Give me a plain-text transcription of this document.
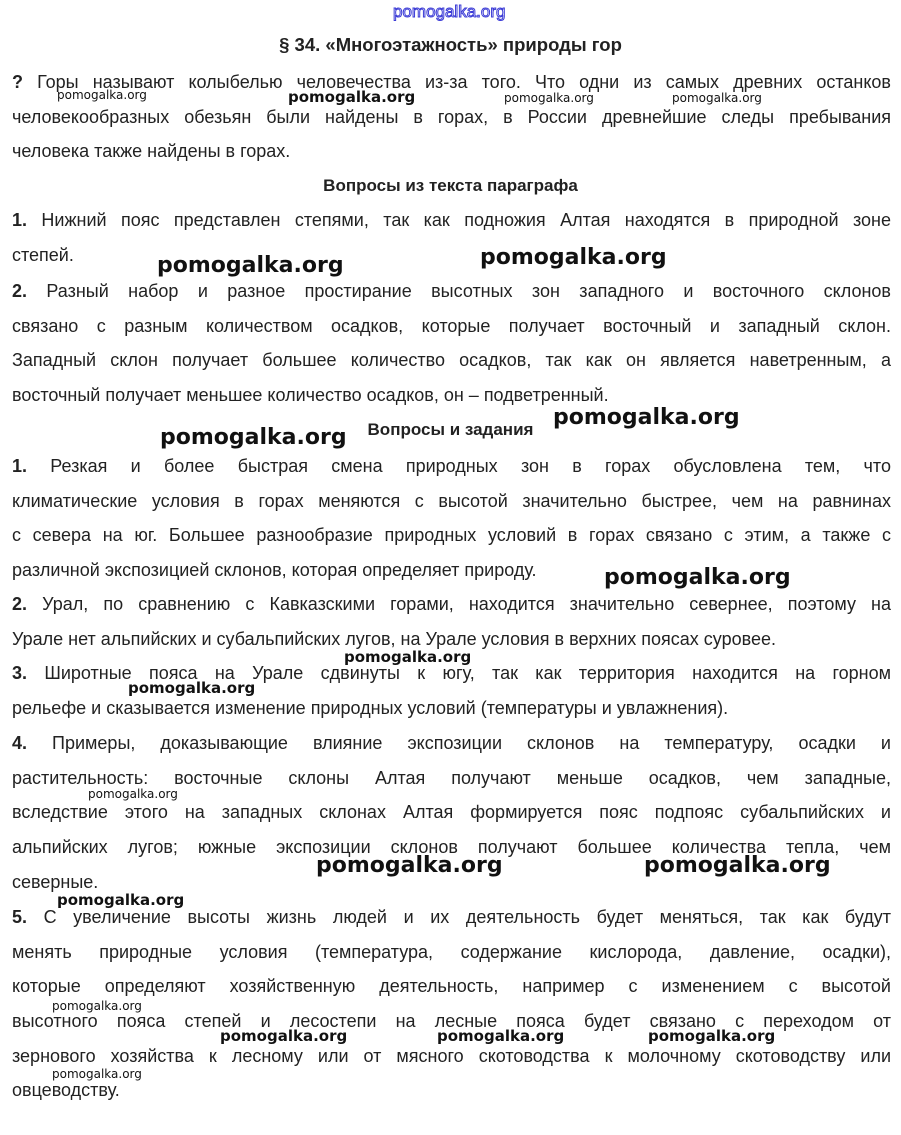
pomogalka.org
§ 34. «Многоэтажность» природы гор
? Горы называют колыбелью человечества из-за того. Что одни из самых древних останков
человекообразных обезьян были найдены в горах, в России древнейшие следы пребывания
человека также найдены в горах.
Вопросы из текста параграфа
1. Нижний пояс представлен степями, так как подножия Алтая находятся в природной зоне
степей.
2. Разный набор и разное простирание высотных зон западного и восточного склонов
связано с разным количеством осадков, которые получает восточный и западный склон.
Западный склон получает большее количество осадков, так как он является наветренным, а
восточный получает меньшее количество осадков, он – подветренный.
Вопросы и задания
1. Резкая и более быстрая смена природных зон в горах обусловлена тем, что
климатические условия в горах меняются с высотой значительно быстрее, чем на равнинах
с севера на юг. Большее разнообразие природных условий в горах связано с этим, а также с
различной экспозицией склонов, которая определяет природу.
2. Урал, по сравнению с Кавказскими горами, находится значительно севернее, поэтому на
Урале нет альпийских и субальпийских лугов, на Урале условия в верхних поясах суровее.
3. Широтные пояса на Урале сдвинуты к югу, так как территория находится на горном
рельефе и сказывается изменение природных условий (температуры и увлажнения).
4. Примеры, доказывающие влияние экспозиции склонов на температуру, осадки и
растительность: восточные склоны Алтая получают меньше осадков, чем западные,
вследствие этого на западных склонах Алтая формируется пояс подпояс субальпийских и
альпийских лугов; южные экспозиции склонов получают большее количества тепла, чем
северные.
5. С увеличение высоты жизнь людей и их деятельность будет меняться, так как будут
менять природные условия (температура, содержание кислорода, давление, осадки),
которые определяют хозяйственную деятельность, например с изменением с высотой
высотного пояса степей и лесостепи на лесные пояса будет связано с переходом от
зернового хозяйства к лесному или от мясного скотоводства к молочному скотоводству или
овцеводству.
pomogalka.org	pomogalka.org	pomogalka.org	pomogalka.org
pomogalka.org	pomogalka.org
pomogalka.org
pomogalka.org
pomogalka.org
pomogalka.org
pomogalka.org
pomogalka.org
pomogalka.org	pomogalka.org
pomogalka.org
pomogalka.org
pomogalka.org	pomogalka.org	pomogalka.org
pomogalka.org
